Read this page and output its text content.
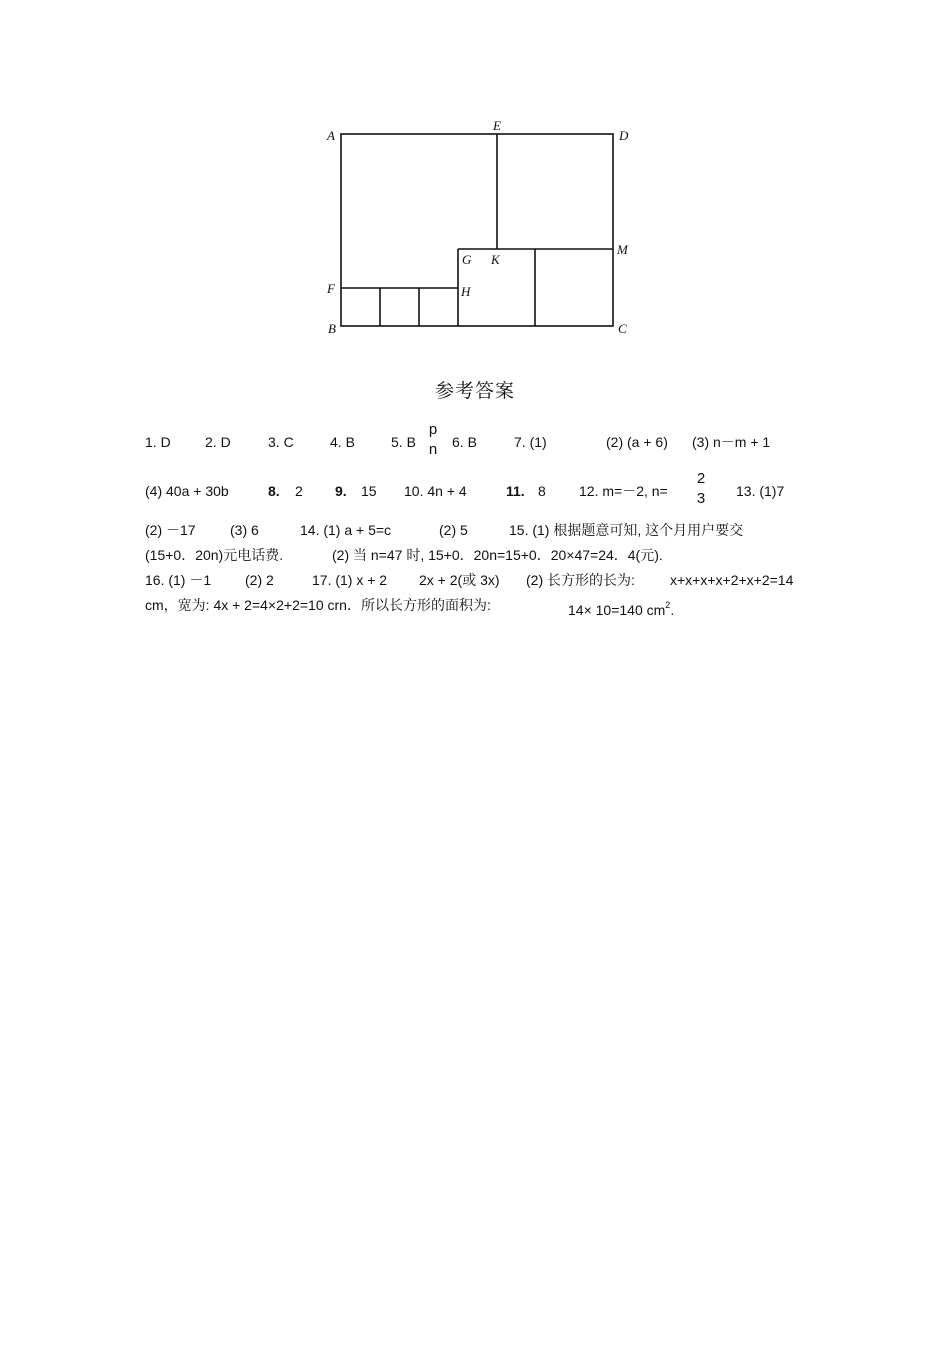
A
E
D
G K
M
F	H
B	C
参考答案
1. D 2. D	3. C	4. B	5. B	6. B	7. (1)	(2) (a + 6) (3) n－m + 1
p
n
(4) 40a + 30b	8. 2 9. 15 10. 4n + 4	11. 8 12. m=－2, n=	13. (1)7
2
3
(2) －17 (3) 6	14. (1) a + 5=c	(2) 5	15. (1) 根据题意可知, 这个月用户要交
(15+0．20n)元电话费.	(2) 当 n=47 时, 15+0．20n=15+0．20×47=24．4(元).
16. (1) －1 (2) 2	17. (1) x + 2 2x + 2(或 3x) (2) 长方形的长为:	x+x+x+x+2+x+2=14
cm，宽为: 4x + 2=4×2+2=10 crn．所以长方形的面积为:	14× 10=140 $cm^2$.
